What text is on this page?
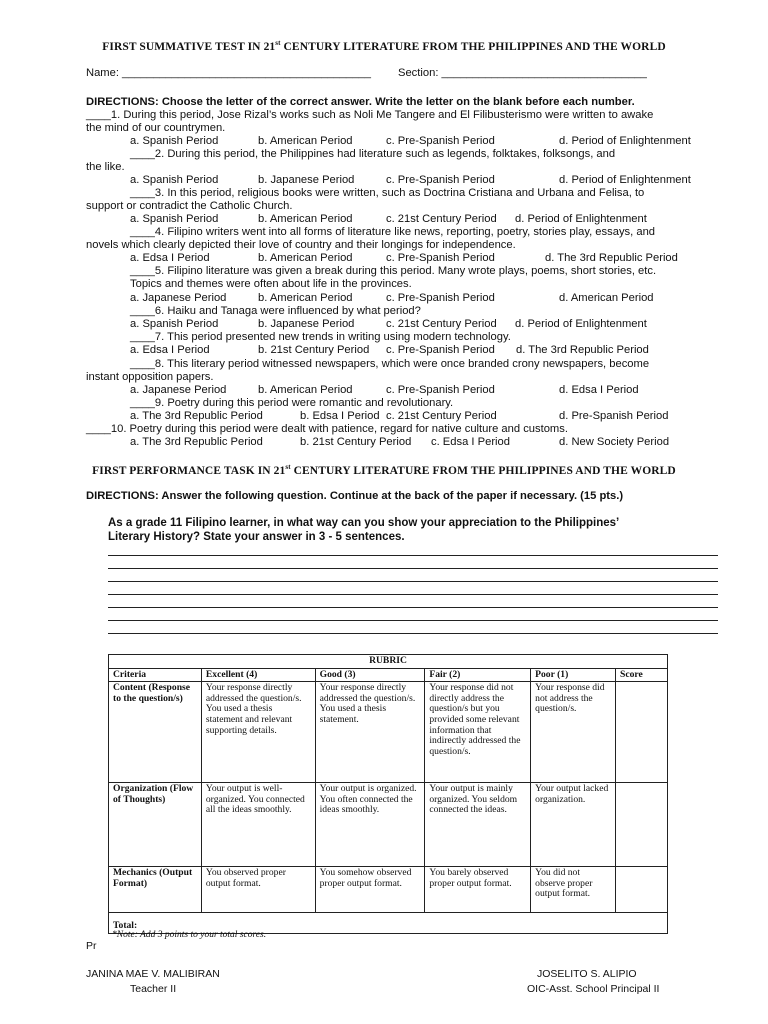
FIRST SUMMATIVE TEST IN 21st CENTURY LITERATURE FROM THE PHILIPPINES AND THE WORLD
Name: ________________________________________ Section: _________________________________
DIRECTIONS: Choose the letter of the correct answer. Write the letter on the blank before each number.
____1. During this period, Jose Rizal’s works such as Noli Me Tangere and El Filibusterismo were written to awake
the mind of our countrymen.
a. Spanish Period	b. American Period	c. Pre-Spanish Period	d. Period of Enlightenment
____2. During this period, the Philippines had literature such as legends, folktakes, folksongs, and
the like.
a. Spanish Period	b. Japanese Period	c. Pre-Spanish Period	d. Period of Enlightenment
____3. In this period, religious books were written, such as Doctrina Cristiana and Urbana and Felisa, to
support or contradict the Catholic Church.
a. Spanish Period	b. American Period	c. 21st Century Period d. Period of Enlightenment
____4. Filipino writers went into all forms of literature like news, reporting, poetry, stories play, essays, and
novels which clearly depicted their love of country and their longings for independence.
a. Edsa I Period	b. American Period	c. Pre-Spanish Period	d. The 3rd Republic Period
____5. Filipino literature was given a break during this period. Many wrote plays, poems, short stories, etc.
Topics and themes were often about life in the provinces.
a. Japanese Period	b. American Period	c. Pre-Spanish Period	d. American Period
____6. Haiku and Tanaga were influenced by what period?
a. Spanish Period	b. Japanese Period	c. 21st Century Period d. Period of Enlightenment
____7. This period presented new trends in writing using modern technology.
a. Edsa I Period	b. 21st Century Period c. Pre-Spanish Period d. The 3rd Republic Period
____8. This literary period witnessed newspapers, which were once branded crony newspapers, become
instant opposition papers.
a. Japanese Period	b. American Period	c. Pre-Spanish Period	d. Edsa I Period
____9. Poetry during this period were romantic and revolutionary.
a. The 3rd Republic Period	b. Edsa I Period c. 21st Century Period	d. Pre-Spanish Period
____10. Poetry during this period were dealt with patience, regard for native culture and customs.
a. The 3rd Republic Period	b. 21st Century Period c. Edsa I Period	d. New Society Period
FIRST PERFORMANCE TASK IN 21st CENTURY LITERATURE FROM THE PHILIPPINES AND THE WORLD
DIRECTIONS: Answer the following question. Continue at the back of the paper if necessary. (15 pts.)
As a grade 11 Filipino learner, in what way can you show your appreciation to the Philippines’
Literary History? State your answer in 3 - 5 sentences.
RUBRIC					
Criteria	Excellent (4)	Good (3)	Fair (2)	Poor (1)	Score
Content (Response to the question/s)	Your response directly addressed the question/s. You used a thesis statement and relevant supporting details.	Your response directly addressed the question/s. You used a thesis statement.	Your response did not directly address the question/s but you provided some relevant information that indirectly addressed the question/s.	Your response did not address the question/s.	
Organization (Flow of Thoughts)	Your output is well-organized. You connected all the ideas smoothly.	Your output is organized. You often connected the ideas smoothly.	Your output is mainly organized. You seldom connected the ideas.	Your output lacked organization.	
Mechanics (Output Format)	You observed proper output format.	You somehow observed proper output format.	You barely observed proper output format.	You did not observe proper output format.	
Total:					
*Note: Add 3 points to your total scores.
Pr
JANINA MAE V. MALIBIRAN
Teacher II
JOSELITO S. ALIPIO
OIC-Asst. School Principal II
